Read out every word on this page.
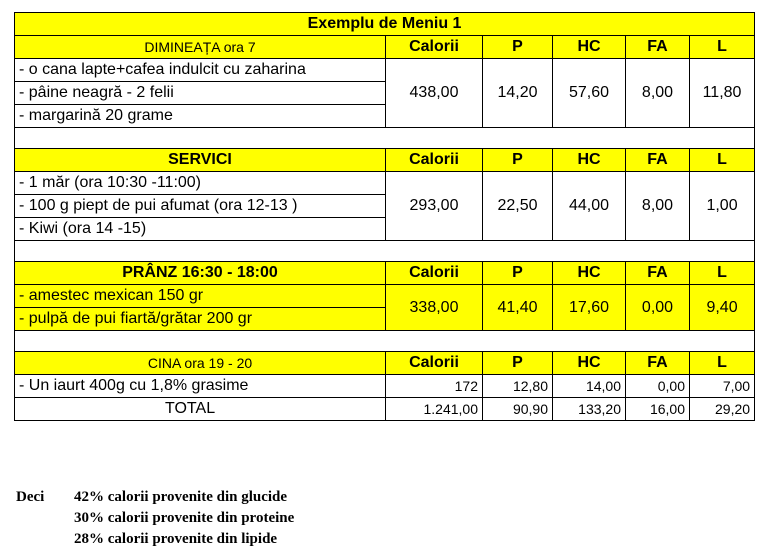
Exemplu de Meniu 1					
DIMINEAȚA ora 7	Calorii	P	HC	FA	L
- o cana lapte+cafea indulcit cu zaharina	438,00	14,20	57,60	8,00	11,80
- pâine neagră - 2 felii					
- margarină 20 grame					

SERVICI	Calorii	P	HC	FA	L
- 1 măr (ora 10:30 -11:00)	293,00	22,50	44,00	8,00	1,00
- 100 g piept de pui afumat (ora 12-13 )					
- Kiwi (ora 14 -15)					

PRÂNZ 16:30 - 18:00	Calorii	P	HC	FA	L
- amestec mexican 150 gr	338,00	41,40	17,60	0,00	9,40
- pulpă de pui fiartă/grătar 200 gr					

CINA ora 19 - 20	Calorii	P	HC	FA	L
- Un iaurt 400g cu 1,8% grasime	172	12,80	14,00	0,00	7,00
TOTAL	1.241,00	90,90	133,20	16,00	29,20
Deci	42% calorii provenite din glucide
30% calorii provenite din proteine
28% calorii provenite din lipide
